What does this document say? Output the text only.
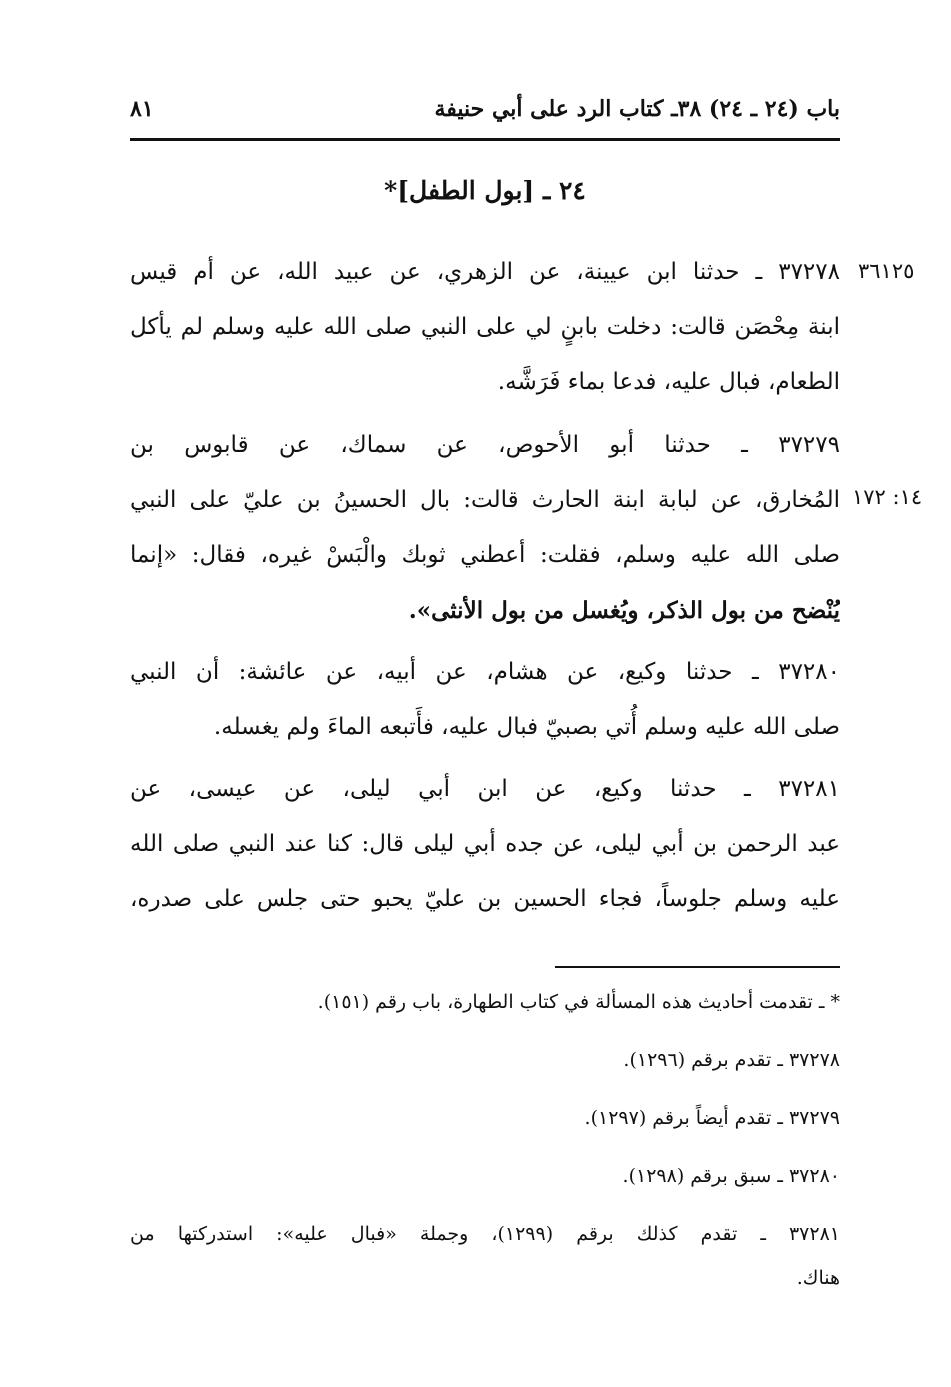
٨١	باب (٢٤ ـ ٢٤) ٣٨ـ كتاب الرد على أبي حنيفة
٢٤ ـ [بول الطفل]*
٣٦١٢٥
٣٧٢٧٨ ـ حدثنا ابن عيينة، عن الزهري، عن عبيد الله، عن أم قيس
ابنة مِحْصَن قالت: دخلت بابنٍ لي على النبي صلى الله عليه وسلم لم يأكل
الطعام، فبال عليه، فدعا بماء فَرَشَّه.
١٤: ١٧٢
٣٧٢٧٩ ـ حدثنا أبو الأحوص، عن سماك، عن قابوس بن
المُخارق، عن لبابة ابنة الحارث قالت: بال الحسينُ بن عليّ على النبي
صلى الله عليه وسلم، فقلت: أعطني ثوبك والْبَسْ غيره، فقال: «إنما
يُنْضح من بول الذكر، ويُغسل من بول الأنثى».
٣٧٢٨٠ ـ حدثنا وكيع، عن هشام، عن أبيه، عن عائشة: أن النبي
صلى الله عليه وسلم أُتي بصبيّ فبال عليه، فأَتبعه الماءَ ولم يغسله.
٣٧٢٨١ ـ حدثنا وكيع، عن ابن أبي ليلى، عن عيسى، عن
عبد الرحمن بن أبي ليلى، عن جده أبي ليلى قال: كنا عند النبي صلى الله
عليه وسلم جلوساً، فجاء الحسين بن عليّ يحبو حتى جلس على صدره،
* ـ تقدمت أحاديث هذه المسألة في كتاب الطهارة، باب رقم (١٥١).
٣٧٢٧٨ ـ تقدم برقم (١٢٩٦).
٣٧٢٧٩ ـ تقدم أيضاً برقم (١٢٩٧).
٣٧٢٨٠ ـ سبق برقم (١٢٩٨).
٣٧٢٨١ ـ تقدم كذلك برقم (١٢٩٩)، وجملة «فبال عليه»: استدركتها من
هناك.
